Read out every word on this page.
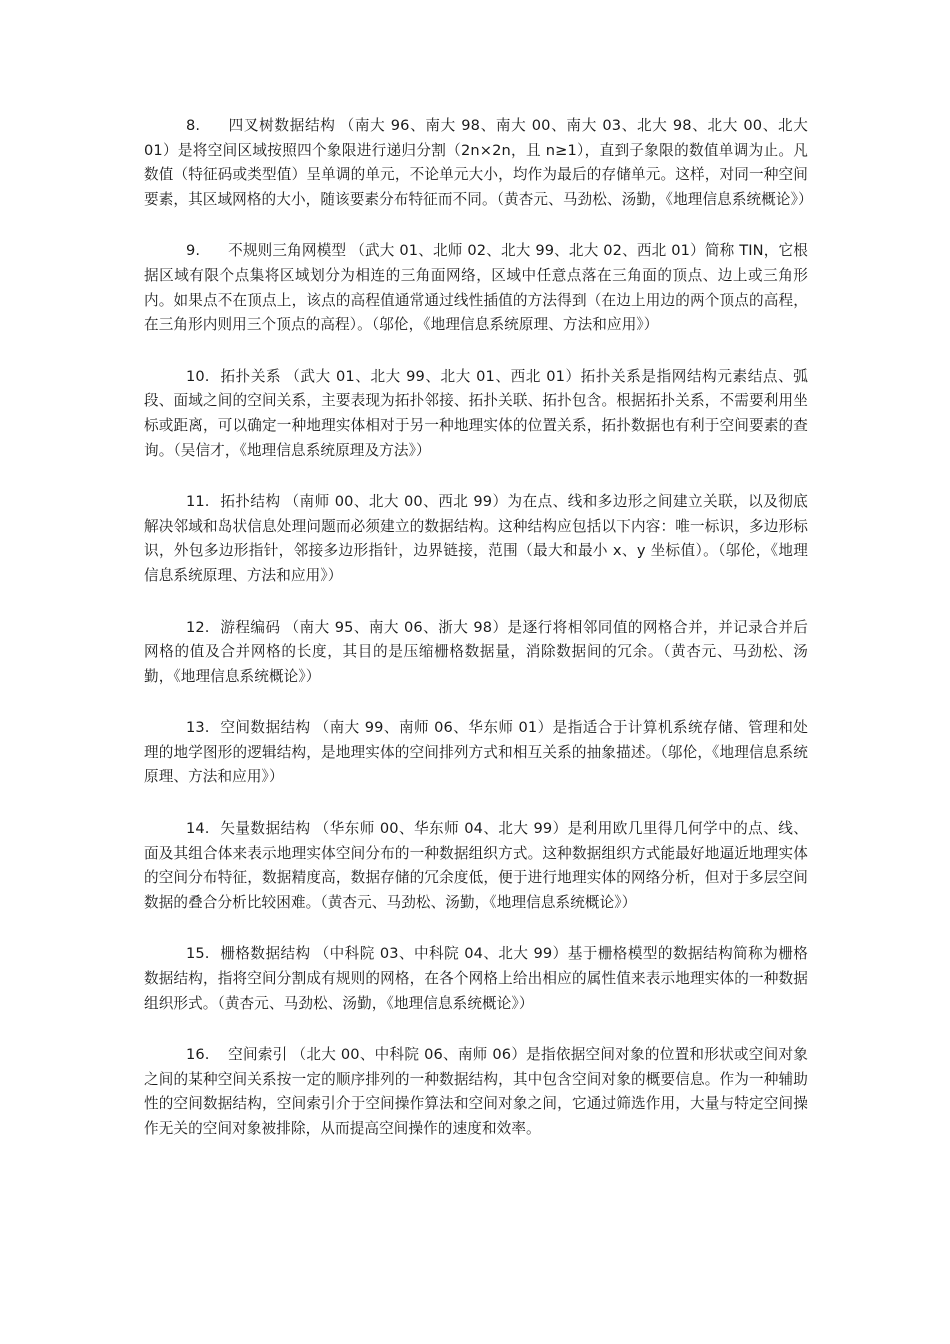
8. 四叉树数据结构 （南大 96、南大 98、南大 00、南大 03、北大 98、北大 00、北大 01）是将空间区域按照四个象限进行递归分割（2n×2n，且 n≥1），直到子象限的数值单调为止。凡数值（特征码或类型值）呈单调的单元，不论单元大小，均作为最后的存储单元。这样，对同一种空间要素，其区域网格的大小，随该要素分布特征而不同。（黄杏元、马劲松、汤勤，《地理信息系统概论》）

9. 不规则三角网模型 （武大 01、北师 02、北大 99、北大 02、西北 01）简称 TIN，它根据区域有限个点集将区域划分为相连的三角面网络，区域中任意点落在三角面的顶点、边上或三角形内。如果点不在顶点上，该点的高程值通常通过线性插值的方法得到（在边上用边的两个顶点的高程，在三角形内则用三个顶点的高程）。（邬伦，《地理信息系统原理、方法和应用》）

10. 拓扑关系 （武大 01、北大 99、北大 01、西北 01）拓扑关系是指网结构元素结点、弧段、面域之间的空间关系，主要表现为拓扑邻接、拓扑关联、拓扑包含。根据拓扑关系，不需要利用坐标或距离，可以确定一种地理实体相对于另一种地理实体的位置关系，拓扑数据也有利于空间要素的查询。（吴信才，《地理信息系统原理及方法》）

11. 拓扑结构 （南师 00、北大 00、西北 99）为在点、线和多边形之间建立关联，以及彻底解决邻域和岛状信息处理问题而必须建立的数据结构。这种结构应包括以下内容：唯一标识，多边形标识，外包多边形指针，邻接多边形指针，边界链接，范围（最大和最小 x、y 坐标值）。（邬伦，《地理信息系统原理、方法和应用》）

12. 游程编码 （南大 95、南大 06、浙大 98）是逐行将相邻同值的网格合并，并记录合并后网格的值及合并网格的长度，其目的是压缩栅格数据量，消除数据间的冗余。（黄杏元、马劲松、汤勤，《地理信息系统概论》）

13. 空间数据结构 （南大 99、南师 06、华东师 01）是指适合于计算机系统存储、管理和处理的地学图形的逻辑结构，是地理实体的空间排列方式和相互关系的抽象描述。（邬伦，《地理信息系统原理、方法和应用》）

14. 矢量数据结构 （华东师 00、华东师 04、北大 99）是利用欧几里得几何学中的点、线、面及其组合体来表示地理实体空间分布的一种数据组织方式。这种数据组织方式能最好地逼近地理实体的空间分布特征，数据精度高，数据存储的冗余度低，便于进行地理实体的网络分析，但对于多层空间数据的叠合分析比较困难。（黄杏元、马劲松、汤勤，《地理信息系统概论》）

15. 栅格数据结构 （中科院 03、中科院 04、北大 99）基于栅格模型的数据结构简称为栅格数据结构，指将空间分割成有规则的网格，在各个网格上给出相应的属性值来表示地理实体的一种数据组织形式。（黄杏元、马劲松、汤勤，《地理信息系统概论》）

16. 空间索引 （北大 00、中科院 06、南师 06）是指依据空间对象的位置和形状或空间对象之间的某种空间关系按一定的顺序排列的一种数据结构，其中包含空间对象的概要信息。作为一种辅助性的空间数据结构，空间索引介于空间操作算法和空间对象之间，它通过筛选作用，大量与特定空间操作无关的空间对象被排除，从而提高空间操作的速度和效率。
